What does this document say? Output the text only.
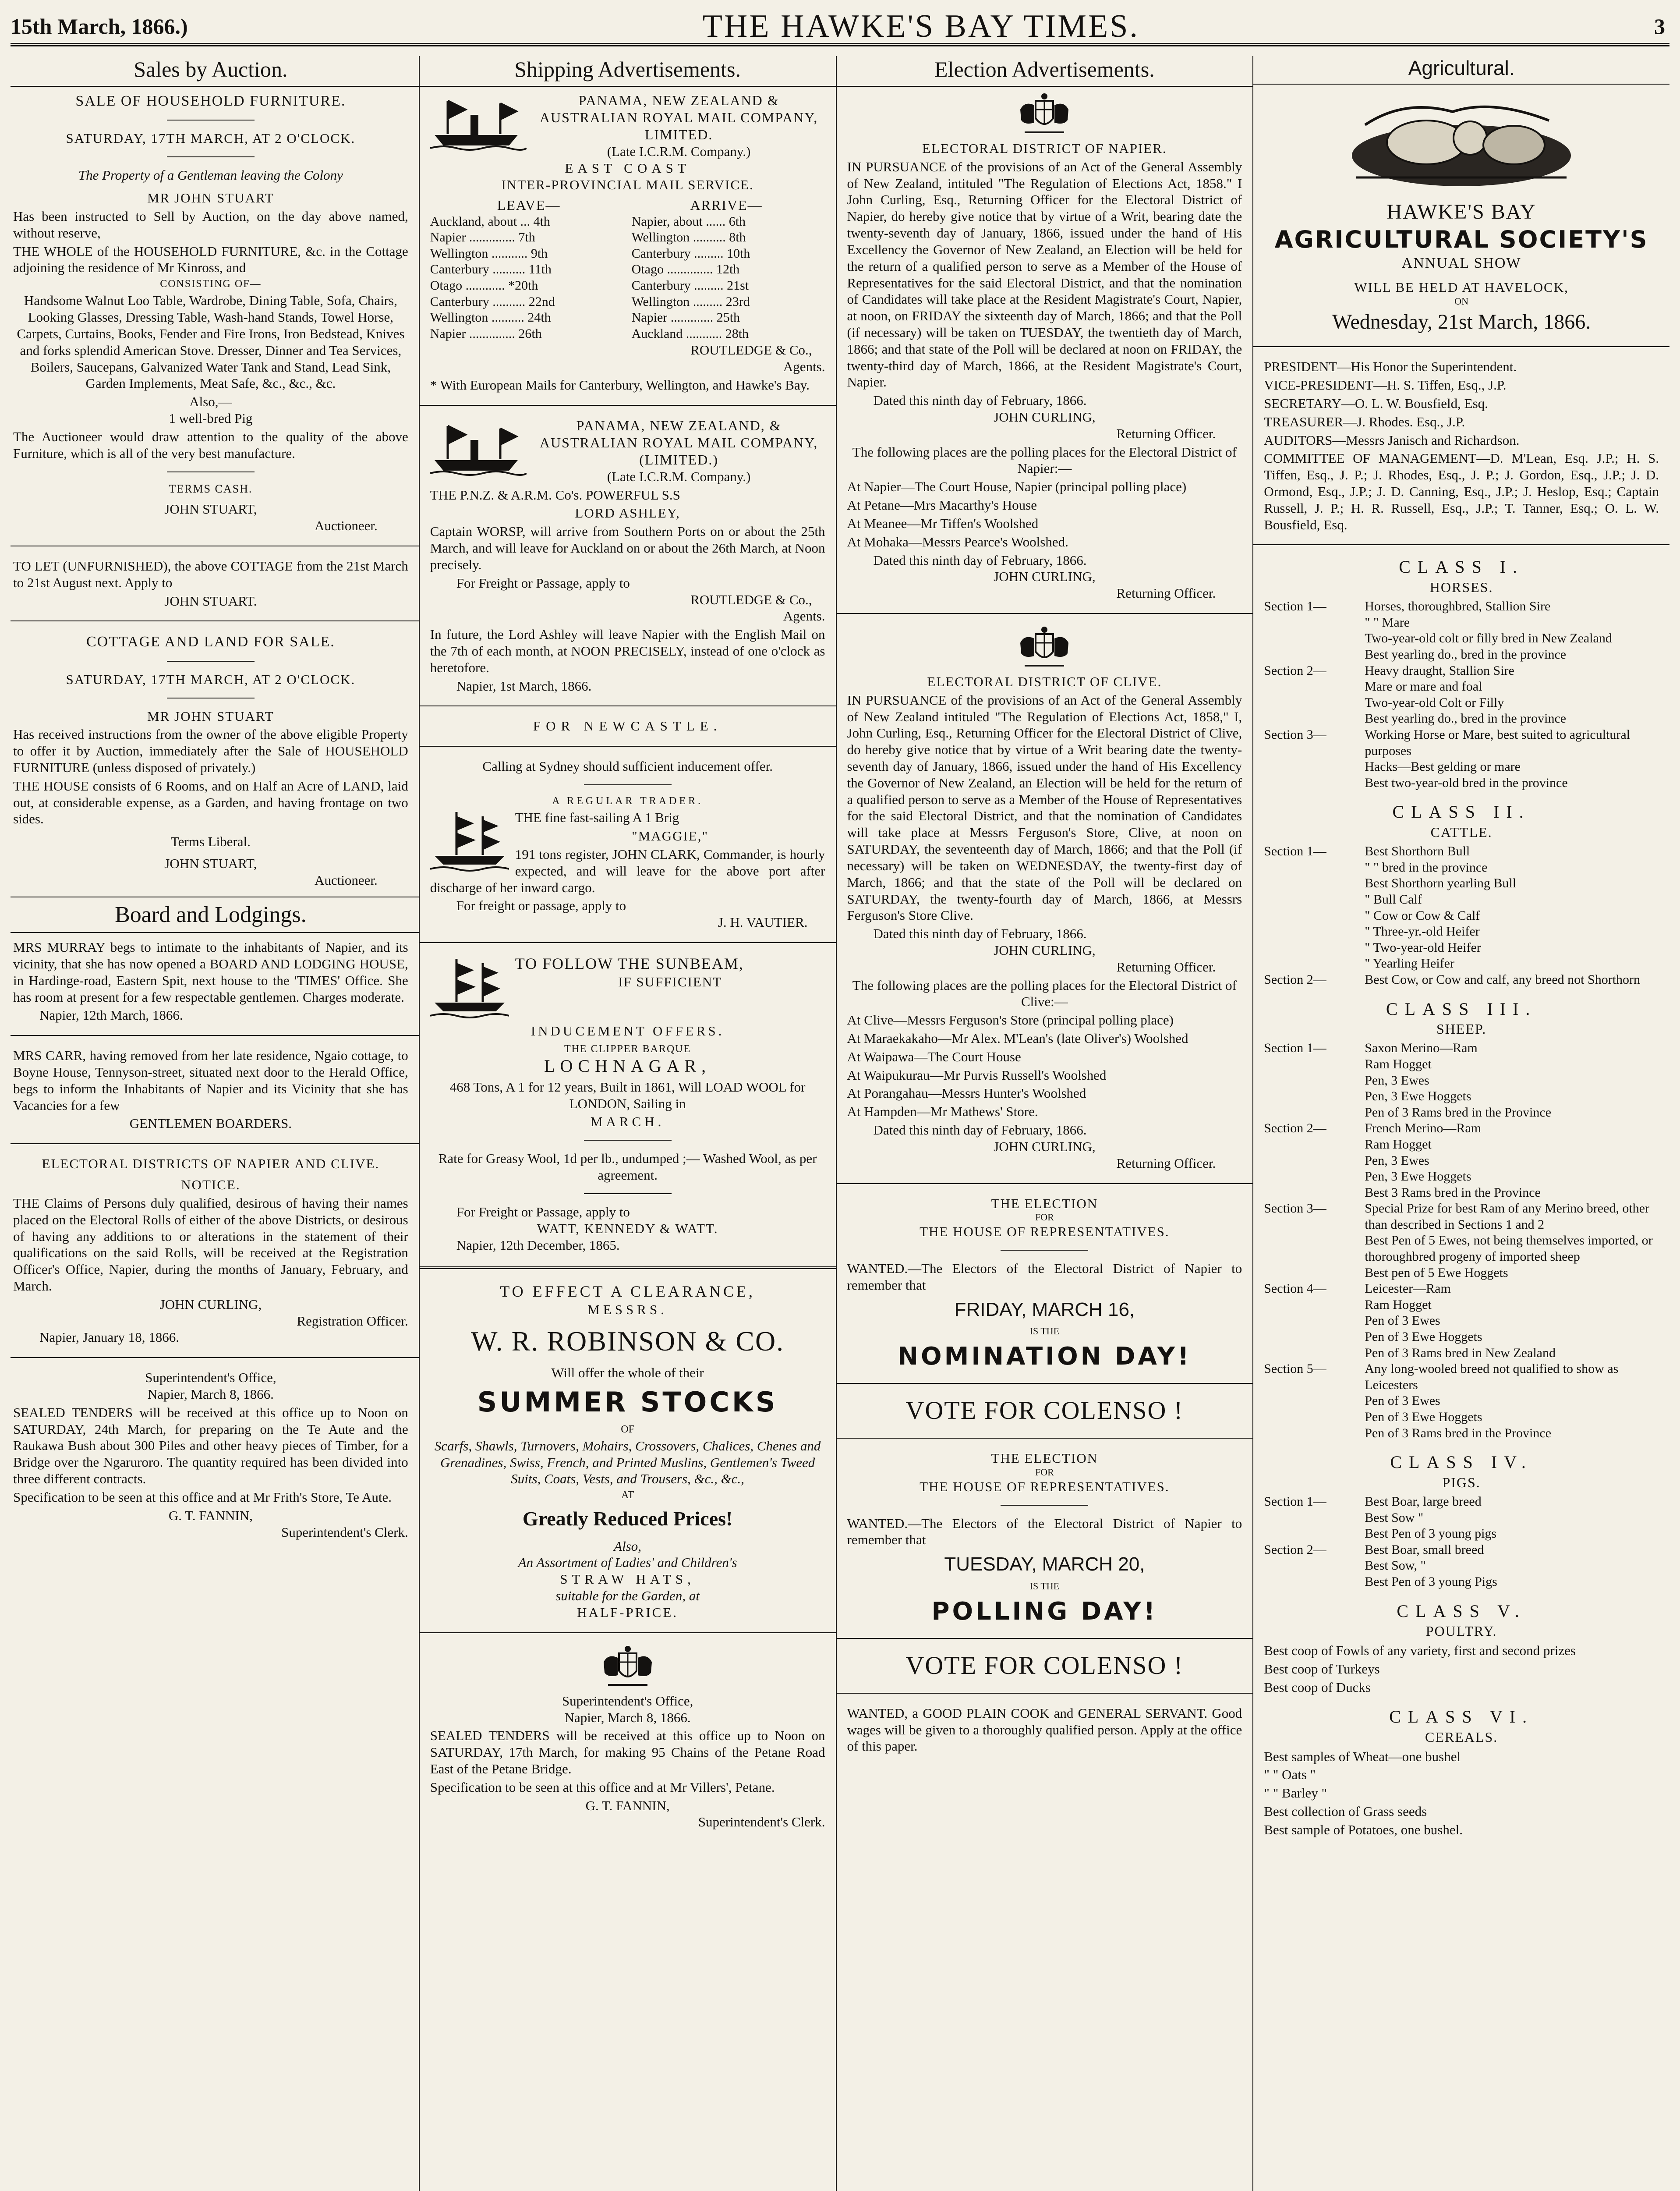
15th March, 1866.)	THE HAWKE'S BAY TIMES.	3
Sales by Auction.
SALE OF HOUSEHOLD FURNITURE.
SATURDAY, 17TH MARCH, AT 2 O'CLOCK.
The Property of a Gentleman leaving the Colony
MR JOHN STUART
Has been instructed to Sell by Auction, on the day above named, without reserve,
THE WHOLE of the HOUSEHOLD FURNITURE, &c. in the Cottage adjoining the residence of Mr Kinross, and
CONSISTING OF—
Handsome Walnut Loo Table, Wardrobe, Dining Table, Sofa, Chairs, Looking Glasses, Dressing Table, Wash-hand Stands, Towel Horse, Carpets, Curtains, Books, Fender and Fire Irons, Iron Bedstead, Knives and forks splendid American Stove. Dresser, Dinner and Tea Services, Boilers, Saucepans, Galvanized Water Tank and Stand, Lead Sink, Garden Implements, Meat Safe, &c., &c., &c.
Also,—
1 well-bred Pig
The Auctioneer would draw attention to the quality of the above Furniture, which is all of the very best manufacture.
TERMS CASH.
JOHN STUART,
Auctioneer.
TO LET (UNFURNISHED), the above COTTAGE from the 21st March to 21st August next. Apply to
JOHN STUART.
COTTAGE AND LAND FOR SALE.
SATURDAY, 17TH MARCH, AT 2 O'CLOCK.
MR JOHN STUART
Has received instructions from the owner of the above eligible Property to offer it by Auction, immediately after the Sale of HOUSEHOLD FURNITURE (unless disposed of privately.)
THE HOUSE consists of 6 Rooms, and on Half an Acre of LAND, laid out, at considerable expense, as a Garden, and having frontage on two sides.
Terms Liberal.
JOHN STUART,
Auctioneer.
Board and Lodgings.
MRS MURRAY begs to intimate to the inhabitants of Napier, and its vicinity, that she has now opened a BOARD AND LODGING HOUSE, in Hardinge-road, Eastern Spit, next house to the 'TIMES' Office. She has room at present for a few respectable gentlemen. Charges moderate.
Napier, 12th March, 1866.
MRS CARR, having removed from her late residence, Ngaio cottage, to Boyne House, Tennyson-street, situated next door to the Herald Office, begs to inform the Inhabitants of Napier and its Vicinity that she has Vacancies for a few
GENTLEMEN BOARDERS.
ELECTORAL DISTRICTS OF NAPIER AND CLIVE.
NOTICE.
THE Claims of Persons duly qualified, desirous of having their names placed on the Electoral Rolls of either of the above Districts, or desirous of having any additions to or alterations in the statement of their qualifications on the said Rolls, will be received at the Registration Officer's Office, Napier, during the months of January, February, and March.
JOHN CURLING,
Registration Officer.
Napier, January 18, 1866.
Superintendent's Office,
Napier, March 8, 1866.
SEALED TENDERS will be received at this office up to Noon on SATURDAY, 24th March, for preparing on the Te Aute and the Raukawa Bush about 300 Piles and other heavy pieces of Timber, for a Bridge over the Ngaruroro. The quantity required has been divided into three different contracts.
Specification to be seen at this office and at Mr Frith's Store, Te Aute.
G. T. FANNIN,
Superintendent's Clerk.
Shipping Advertisements.
PANAMA, NEW ZEALAND & AUSTRALIAN ROYAL MAIL COMPANY, LIMITED.
(Late I.C.R.M. Company.)
EAST COAST
INTER-PROVINCIAL MAIL SERVICE.
LEAVE—	ARRIVE—
Auckland, about ... 4th	Napier, about ...... 6th
Napier .............. 7th	Wellington .......... 8th
Wellington ........... 9th	Canterbury ......... 10th
Canterbury .......... 11th	Otago .............. 12th
Otago ............ *20th	Canterbury ......... 21st
Canterbury .......... 22nd	Wellington ......... 23rd
Wellington .......... 24th	Napier ............. 25th
Napier .............. 26th	Auckland ........... 28th
ROUTLEDGE & Co.,
Agents.
* With European Mails for Canterbury, Wellington, and Hawke's Bay.
PANAMA, NEW ZEALAND, & AUSTRALIAN ROYAL MAIL COMPANY, (LIMITED.)
(Late I.C.R.M. Company.)
THE P.N.Z. & A.R.M. Co's. POWERFUL S.S
LORD ASHLEY,
Captain WORSP, will arrive from Southern Ports on or about the 25th March, and will leave for Auckland on or about the 26th March, at Noon precisely.
For Freight or Passage, apply to
ROUTLEDGE & Co.,
Agents.
In future, the Lord Ashley will leave Napier with the English Mail on the 7th of each month, at NOON PRECISELY, instead of one o'clock as heretofore.
Napier, 1st March, 1866.
FOR NEWCASTLE.
Calling at Sydney should sufficient inducement offer.
A REGULAR TRADER.
THE fine fast-sailing A 1 Brig
"MAGGIE,"
191 tons register, JOHN CLARK, Commander, is hourly expected, and will leave for the above port after discharge of her inward cargo.
For freight or passage, apply to
J. H. VAUTIER.
TO FOLLOW THE SUNBEAM,
IF SUFFICIENT
INDUCEMENT OFFERS.
THE CLIPPER BARQUE
LOCHNAGAR,
468 Tons, A 1 for 12 years, Built in 1861, Will LOAD WOOL for LONDON, Sailing in
MARCH.
Rate for Greasy Wool, 1d per lb., undumped ;— Washed Wool, as per agreement.
For Freight or Passage, apply to
WATT, KENNEDY & WATT.
Napier, 12th December, 1865.
TO EFFECT A CLEARANCE,
MESSRS.
W. R. ROBINSON & CO.
Will offer the whole of their
SUMMER STOCKS
OF
Scarfs, Shawls, Turnovers, Mohairs, Crossovers, Chalices, Chenes and Grenadines, Swiss, French, and Printed Muslins, Gentlemen's Tweed Suits, Coats, Vests, and Trousers, &c., &c.,
AT
Greatly Reduced Prices!
Also,
An Assortment of Ladies' and Children's
STRAW HATS,
suitable for the Garden, at
HALF-PRICE.
Superintendent's Office,
Napier, March 8, 1866.
SEALED TENDERS will be received at this office up to Noon on SATURDAY, 17th March, for making 95 Chains of the Petane Road East of the Petane Bridge.
Specification to be seen at this office and at Mr Villers', Petane.
G. T. FANNIN,
Superintendent's Clerk.
Election Advertisements.
ELECTORAL DISTRICT OF NAPIER.
IN PURSUANCE of the provisions of an Act of the General Assembly of New Zealand, intituled "The Regulation of Elections Act, 1858." I John Curling, Esq., Returning Officer for the Electoral District of Napier, do hereby give notice that by virtue of a Writ, bearing date the twenty-seventh day of January, 1866, issued under the hand of His Excellency the Governor of New Zealand, an Election will be held for the return of a qualified person to serve as a Member of the House of Representatives for the said Electoral District, and that the nomination of Candidates will take place at the Resident Magistrate's Court, Napier, at noon, on FRIDAY the sixteenth day of March, 1866; and that the Poll (if necessary) will be taken on TUESDAY, the twentieth day of March, 1866; and that state of the Poll will be declared at noon on FRIDAY, the twenty-third day of March, 1866, at the Resident Magistrate's Court, Napier.
Dated this ninth day of February, 1866.
JOHN CURLING,
Returning Officer.
The following places are the polling places for the Electoral District of Napier:—
At Napier—The Court House, Napier (principal polling place)
At Petane—Mrs Macarthy's House
At Meanee—Mr Tiffen's Woolshed
At Mohaka—Messrs Pearce's Woolshed.
Dated this ninth day of February, 1866.
JOHN CURLING,
Returning Officer.
ELECTORAL DISTRICT OF CLIVE.
IN PURSUANCE of the provisions of an Act of the General Assembly of New Zealand intituled "The Regulation of Elections Act, 1858," I, John Curling, Esq., Returning Officer for the Electoral District of Clive, do hereby give notice that by virtue of a Writ bearing date the twenty-seventh day of January, 1866, issued under the hand of His Excellency the Governor of New Zealand, an Election will be held for the return of a qualified person to serve as a Member of the House of Representatives for the said Electoral District, and that the nomination of Candidates will take place at Messrs Ferguson's Store, Clive, at noon on SATURDAY, the seventeenth day of March, 1866; and that the Poll (if necessary) will be taken on WEDNESDAY, the twenty-first day of March, 1866; and that the state of the Poll will be declared on SATURDAY, the twenty-fourth day of March, 1866, at Messrs Ferguson's Store Clive.
Dated this ninth day of February, 1866.
JOHN CURLING,
Returning Officer.
The following places are the polling places for the Electoral District of Clive:—
At Clive—Messrs Ferguson's Store (principal polling place)
At Maraekakaho—Mr Alex. M'Lean's (late Oliver's) Woolshed
At Waipawa—The Court House
At Waipukurau—Mr Purvis Russell's Woolshed
At Porangahau—Messrs Hunter's Woolshed
At Hampden—Mr Mathews' Store.
Dated this ninth day of February, 1866.
JOHN CURLING,
Returning Officer.
THE ELECTION
FOR
THE HOUSE OF REPRESENTATIVES.
WANTED.—The Electors of the Electoral District of Napier to remember that
FRIDAY, MARCH 16,
IS THE
NOMINATION DAY!
VOTE FOR COLENSO !
THE ELECTION
FOR
THE HOUSE OF REPRESENTATIVES.
WANTED.—The Electors of the Electoral District of Napier to remember that
TUESDAY, MARCH 20,
IS THE
POLLING DAY!
VOTE FOR COLENSO !
WANTED, a GOOD PLAIN COOK and GENERAL SERVANT. Good wages will be given to a thoroughly qualified person. Apply at the office of this paper.
Agricultural.
HAWKE'S BAY
AGRICULTURAL SOCIETY'S
ANNUAL SHOW
WILL BE HELD AT HAVELOCK,
ON
Wednesday, 21st March, 1866.
PRESIDENT—His Honor the Superintendent.
VICE-PRESIDENT—H. S. Tiffen, Esq., J.P.
SECRETARY—O. L. W. Bousfield, Esq.
TREASURER—J. Rhodes. Esq., J.P.
AUDITORS—Messrs Janisch and Richardson.
COMMITTEE OF MANAGEMENT—D. M'Lean, Esq. J.P.; H. S. Tiffen, Esq., J. P.; J. Rhodes, Esq., J. P.; J. Gordon, Esq., J.P.; J. D. Ormond, Esq., J.P.; J. D. Canning, Esq., J.P.; J. Heslop, Esq.; Captain Russell, J. P.; H. R. Russell, Esq., J.P.; T. Tanner, Esq.; O. L. W. Bousfield, Esq.
CLASS I.
HORSES.
Section 1—	Horses, thoroughbred, Stallion Sire
" " Mare
Two-year-old colt or filly bred in New Zealand
Best yearling do., bred in the province
Section 2—	Heavy draught, Stallion Sire
Mare or mare and foal
Two-year-old Colt or Filly
Best yearling do., bred in the province
Section 3—	Working Horse or Mare, best suited to agricultural purposes
Hacks—Best gelding or mare
Best two-year-old bred in the province
CLASS II.
CATTLE.
Section 1—	Best Shorthorn Bull
" " bred in the province
Best Shorthorn yearling Bull
" Bull Calf
" Cow or Cow & Calf
" Three-yr.-old Heifer
" Two-year-old Heifer
" Yearling Heifer
Section 2—	Best Cow, or Cow and calf, any breed not Shorthorn
CLASS III.
SHEEP.
Section 1—	Saxon Merino—Ram
Ram Hogget
Pen, 3 Ewes
Pen, 3 Ewe Hoggets
Pen of 3 Rams bred in the Province
Section 2—	French Merino—Ram
Ram Hogget
Pen, 3 Ewes
Pen, 3 Ewe Hoggets
Best 3 Rams bred in the Province
Section 3—	Special Prize for best Ram of any Merino breed, other than described in Sections 1 and 2
Best Pen of 5 Ewes, not being themselves imported, or thoroughbred progeny of imported sheep
Best pen of 5 Ewe Hoggets
Section 4—	Leicester—Ram
Ram Hogget
Pen of 3 Ewes
Pen of 3 Ewe Hoggets
Pen of 3 Rams bred in New Zealand
Section 5—	Any long-wooled breed not qualified to show as Leicesters
Pen of 3 Ewes
Pen of 3 Ewe Hoggets
Pen of 3 Rams bred in the Province
CLASS IV.
PIGS.
Section 1—	Best Boar, large breed
Best Sow "
Best Pen of 3 young pigs
Section 2—	Best Boar, small breed
Best Sow, "
Best Pen of 3 young Pigs
CLASS V.
POULTRY.
Best coop of Fowls of any variety, first and second prizes
Best coop of Turkeys
Best coop of Ducks
CLASS VI.
CEREALS.
Best samples of Wheat—one bushel
" " Oats "
" " Barley "
Best collection of Grass seeds
Best sample of Potatoes, one bushel.
